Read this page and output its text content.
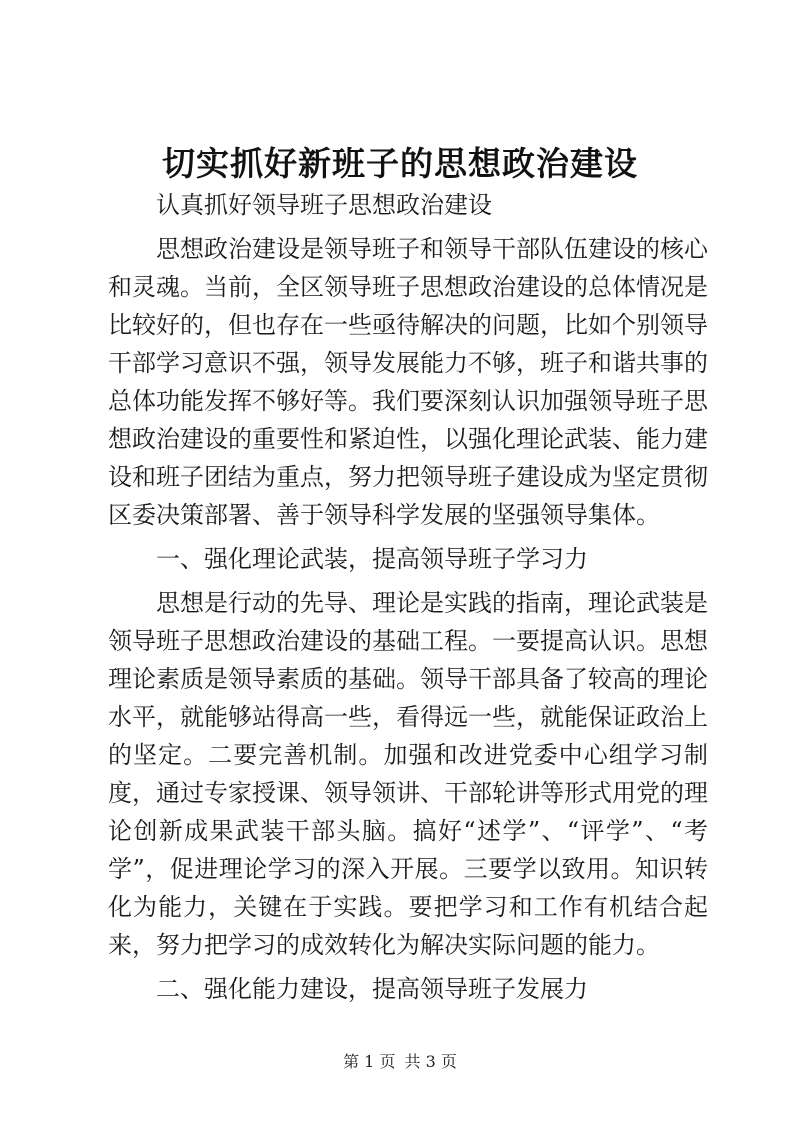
切实抓好新班子的思想政治建设

认真抓好领导班子思想政治建设

思想政治建设是领导班子和领导干部队伍建设的核心和灵魂。当前，全区领导班子思想政治建设的总体情况是比较好的，但也存在一些亟待解决的问题，比如个别领导干部学习意识不强，领导发展能力不够，班子和谐共事的总体功能发挥不够好等。我们要深刻认识加强领导班子思想政治建设的重要性和紧迫性，以强化理论武装、能力建设和班子团结为重点，努力把领导班子建设成为坚定贯彻区委决策部署、善于领导科学发展的坚强领导集体。

一、强化理论武装，提高领导班子学习力

思想是行动的先导、理论是实践的指南，理论武装是领导班子思想政治建设的基础工程。一要提高认识。思想理论素质是领导素质的基础。领导干部具备了较高的理论水平，就能够站得高一些，看得远一些，就能保证政治上的坚定。二要完善机制。加强和改进党委中心组学习制度，通过专家授课、领导领讲、干部轮讲等形式用党的理论创新成果武装干部头脑。搞好“述学”、“评学”、“考学”，促进理论学习的深入开展。三要学以致用。知识转化为能力，关键在于实践。要把学习和工作有机结合起来，努力把学习的成效转化为解决实际问题的能力。

二、强化能力建设，提高领导班子发展力

第 1 页 共 3 页
